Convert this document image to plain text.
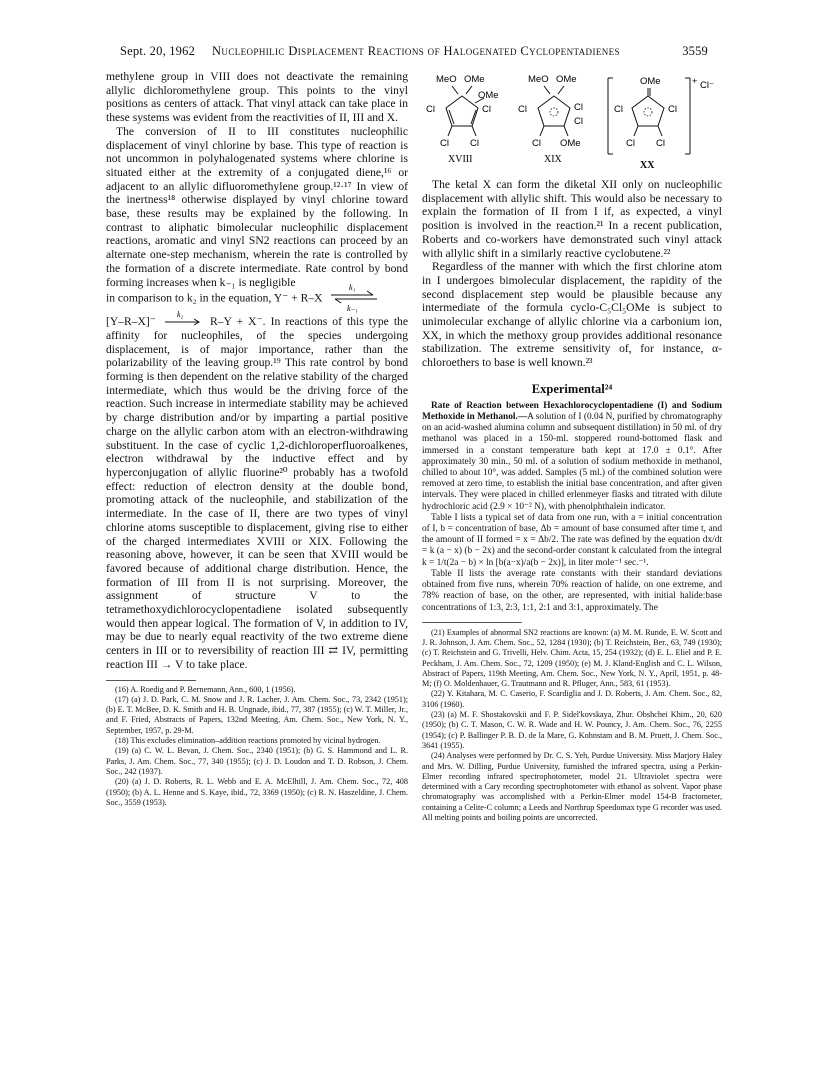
Sept. 20, 1962 Nucleophilic Displacement Reactions of Halogenated Cyclopentadienes	3559

methylene group in VIII does not deactivate the remaining allylic dichloromethylene group. This points to the vinyl positions as centers of attack. That vinyl attack can take place in these systems was evident from the reactivities of II, III and X.

The conversion of II to III constitutes nucleophilic displacement of vinyl chlorine by base. This type of reaction is not uncommon in polyhalogenated systems where chlorine is situated either at the extremity of a conjugated diene,¹⁶ or adjacent to an allylic difluoromethylene group.¹²·¹⁷ In view of the inertness¹⁸ otherwise displayed by vinyl chlorine toward base, these results may be explained by the following. In contrast to aliphatic bimolecular nucleophilic displacement reactions, aromatic and vinyl SN2 reactions can proceed by an alternate one-step mechanism, wherein the rate is controlled by the formation of a discrete intermediate. Rate control by bond forming increases when k₋₁ is negligible

in comparison to k₂ in the equation, Y⁻ + R–X
k₁
k₋₁

[Y–R–X]⁻
k₂
R–Y + X⁻. In reactions of this type the affinity for nucleophiles, of the species undergoing displacement, is of major importance, rather than the polarizability of the leaving group.¹⁹ This rate control by bond forming is then dependent on the relative stability of the charged intermediate, which thus would be the driving force of the reaction. Such increase in intermediate stability may be achieved by charge distribution and/or by imparting a partial positive charge on the allylic carbon atom with an electron-withdrawing substituent. In the case of cyclic 1,2-dichloroperfluoroalkenes, electron withdrawal by the inductive effect and by hyperconjugation of allylic fluorine²⁰ probably has a twofold effect: reduction of electron density at the double bond, promoting attack of the nucleophile, and stabilization of the intermediate. In the case of II, there are two types of vinyl chlorine atoms susceptible to displacement, giving rise to either of the charged intermediates XVIII or XIX. Following the reasoning above, however, it can be seen that XVIII would be favored because of additional charge distribution. Hence, the formation of III from II is not surprising. Moreover, the assignment of structure V to the tetramethoxydichlorocyclopentadiene isolated subsequently would then appear logical. The formation of V, in addition to IV, may be due to nearly equal reactivity of the two extreme diene centers in III or to reversibility of reaction III ⇄ IV, permitting reaction III → V to take place.

(16) A. Roedig and P. Bernemann, Ann., 600, 1 (1956).

(17) (a) J. D. Park, C. M. Snow and J. R. Lacher, J. Am. Chem. Soc., 73, 2342 (1951); (b) E. T. McBee, D. K. Smith and H. B. Ungnade, ibid., 77, 387 (1955); (c) W. T. Miller, Jr., and F. Fried, Abstracts of Papers, 132nd Meeting, Am. Chem. Soc., New York, N. Y., September, 1957, p. 29-M.

(18) This excludes elimination–addition reactions promoted by vicinal hydrogen.

(19) (a) C. W. L. Bevan, J. Chem. Soc., 2340 (1951); (b) G. S. Hammond and L. R. Parks, J. Am. Chem. Soc., 77, 340 (1955); (c) J. D. Loudon and T. D. Robson, J. Chem. Soc., 242 (1937).

(20) (a) J. D. Roberts, R. L. Webb and E. A. McElhill, J. Am. Chem. Soc., 72, 408 (1950); (b) A. L. Henne and S. Kaye, ibid., 72, 3369 (1950); (c) R. N. Haszeldine, J. Chem. Soc., 3559 (1953).

MeO OMe
OMe
Cl	Cl
Cl Cl
XVIII
MeO OMe
Cl	Cl
Cl
Cl OMe
XIX
OMe
Cl	Cl
Cl Cl
+ Cl⁻
XX

The ketal X can form the diketal XII only on nucleophilic displacement with allylic shift. This would also be necessary to explain the formation of II from I if, as expected, a vinyl position is involved in the reaction.²¹ In a recent publication, Roberts and co-workers have demonstrated such vinyl attack with allylic shift in a similarly reactive cyclobutene.²²

Regardless of the manner with which the first chlorine atom in I undergoes bimolecular displacement, the rapidity of the second displacement step would be plausible because any intermediate of the formula cyclo-C₅Cl₅OMe is subject to unimolecular exchange of allylic chlorine via a carbonium ion, XX, in which the methoxy group provides additional resonance stabilization. The extreme sensitivity of, for instance, α-chloroethers to base is well known.²³

Experimental²⁴

Rate of Reaction between Hexachlorocyclopentadiene (I) and Sodium Methoxide in Methanol.—A solution of I (0.04 N, purified by chromatography on an acid-washed alumina column and subsequent distillation) in 50 ml. of dry methanol was placed in a 150-ml. stoppered round-bottomed flask and immersed in a constant temperature bath kept at 17.0 ± 0.1°. After approximately 30 min., 50 ml. of a solution of sodium methoxide in methanol, chilled to about 10°, was added. Samples (5 ml.) of the combined solution were removed at zero time, to establish the initial base concentration, and after given intervals. They were placed in chilled erlenmeyer flasks and titrated with dilute hydrochloric acid (2.9 × 10⁻² N), with phenolphthalein indicator.

Table I lists a typical set of data from one run, with a = initial concentration of I, b = concentration of base, Δb = amount of base consumed after time t, and the amount of II formed = x = Δb/2. The rate was defined by the equation dx/dt = k (a − x) (b − 2x) and the second-order constant k calculated from the integral k = 1/t(2a − b) × ln [b(a−x)/a(b − 2x)], in liter mole⁻¹ sec.⁻¹.

Table II lists the average rate constants with their standard deviations obtained from five runs, wherein 70% reaction of halide, on one extreme, and 78% reaction of base, on the other, are represented, with initial halide:base concentrations of 1:3, 2:3, 1:1, 2:1 and 3:1, approximately. The

(21) Examples of abnormal SN2 reactions are known: (a) M. M. Runde, E. W. Scott and J. R. Johnson, J. Am. Chem. Soc., 52, 1284 (1930); (b) T. Reichstein, Ber., 63, 749 (1930); (c) T. Reichstein and G. Trivelli, Helv. Chim. Acta, 15, 254 (1932); (d) E. L. Eliel and P. E. Peckham, J. Am. Chem. Soc., 72, 1209 (1950); (e) M. J. Kland-English and C. L. Wilson, Abstract of Papers, 119th Meeting, Am. Chem. Soc., New York, N. Y., April, 1951, p. 48-M; (f) O. Moldenhauer, G. Trautmann and R. Pfluger, Ann., 583, 61 (1953).

(22) Y. Kitahara, M. C. Caserio, F. Scardiglia and J. D. Roberts, J. Am. Chem. Soc., 82, 3106 (1960).

(23) (a) M. F. Shostakovskii and F. P. Sidel'kovskaya, Zhur. Obshchei Khim., 20, 620 (1950); (b) C. T. Mason, C. W. R. Wade and H. W. Pouncy, J. Am. Chem. Soc., 76, 2255 (1954); (c) P. Ballinger P. B. D. de la Mare, G. Kohnstam and B. M. Pruett, J. Chem. Soc., 3641 (1955).

(24) Analyses were performed by Dr. C. S. Yeh, Purdue University. Miss Marjory Haley and Mrs. W. Dilling, Purdue University, furnished the infrared spectra, using a Perkin-Elmer recording infrared spectrophotometer, model 21. Ultraviolet spectra were determined with a Cary recording spectrophotometer with ethanol as solvent. Vapor phase chromatography was accomplished with a Perkin-Elmer model 154-B fractometer, containing a Celite-C column; a Leeds and Northrup Speedomax type G recorder was used. All melting points and boiling points are uncorrected.
